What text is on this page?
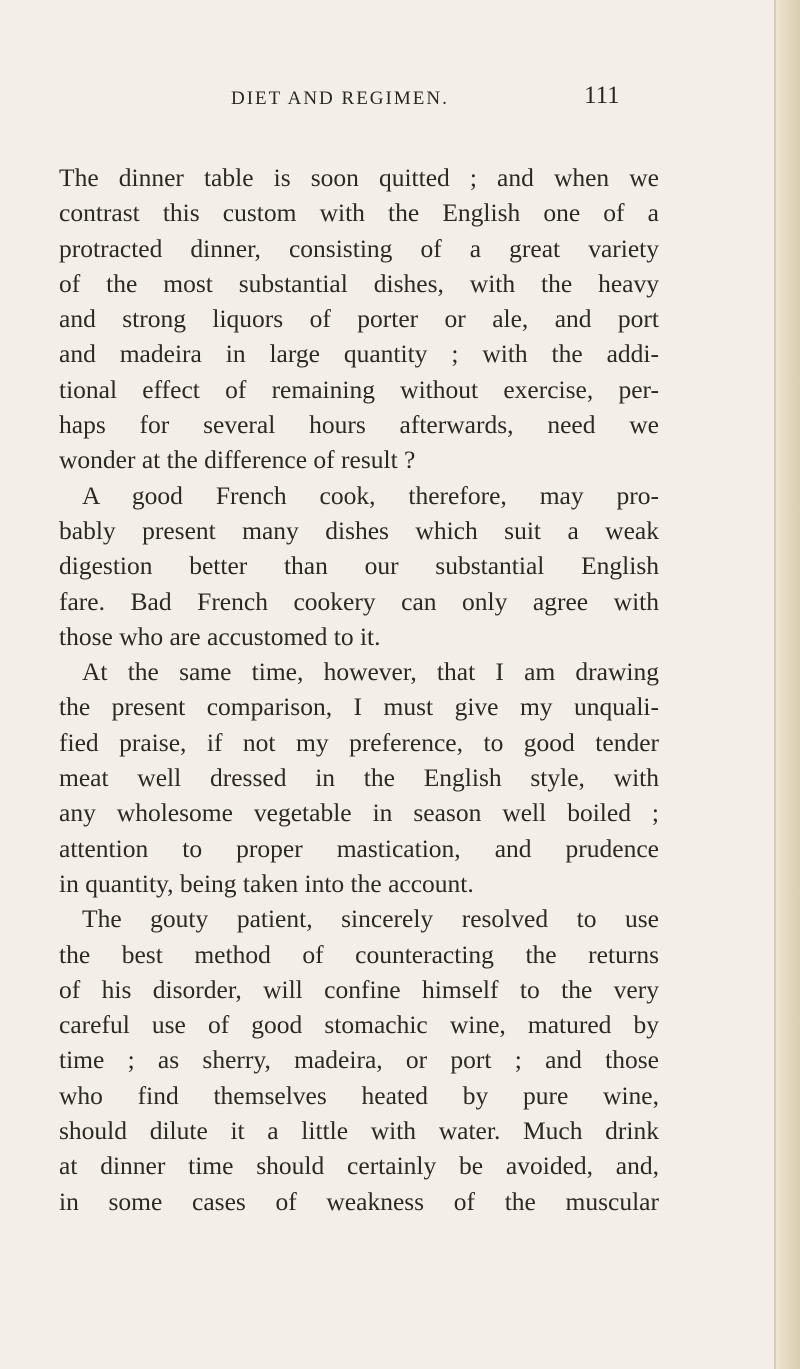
DIET AND REGIMEN.	111
The dinner table is soon quitted ; and when we
contrast this custom with the English one of a
protracted dinner, consisting of a great variety
of the most substantial dishes, with the heavy
and strong liquors of porter or ale, and port
and madeira in large quantity ; with the addi-
tional effect of remaining without exercise, per-
haps for several hours afterwards, need we
wonder at the difference of result ?
A good French cook, therefore, may pro-
bably present many dishes which suit a weak
digestion better than our substantial English
fare. Bad French cookery can only agree with
those who are accustomed to it.
At the same time, however, that I am drawing
the present comparison, I must give my unquali-
fied praise, if not my preference, to good tender
meat well dressed in the English style, with
any wholesome vegetable in season well boiled ;
attention to proper mastication, and prudence
in quantity, being taken into the account.
The gouty patient, sincerely resolved to use
the best method of counteracting the returns
of his disorder, will confine himself to the very
careful use of good stomachic wine, matured by
time ; as sherry, madeira, or port ; and those
who find themselves heated by pure wine,
should dilute it a little with water. Much drink
at dinner time should certainly be avoided, and,
in some cases of weakness of the muscular
